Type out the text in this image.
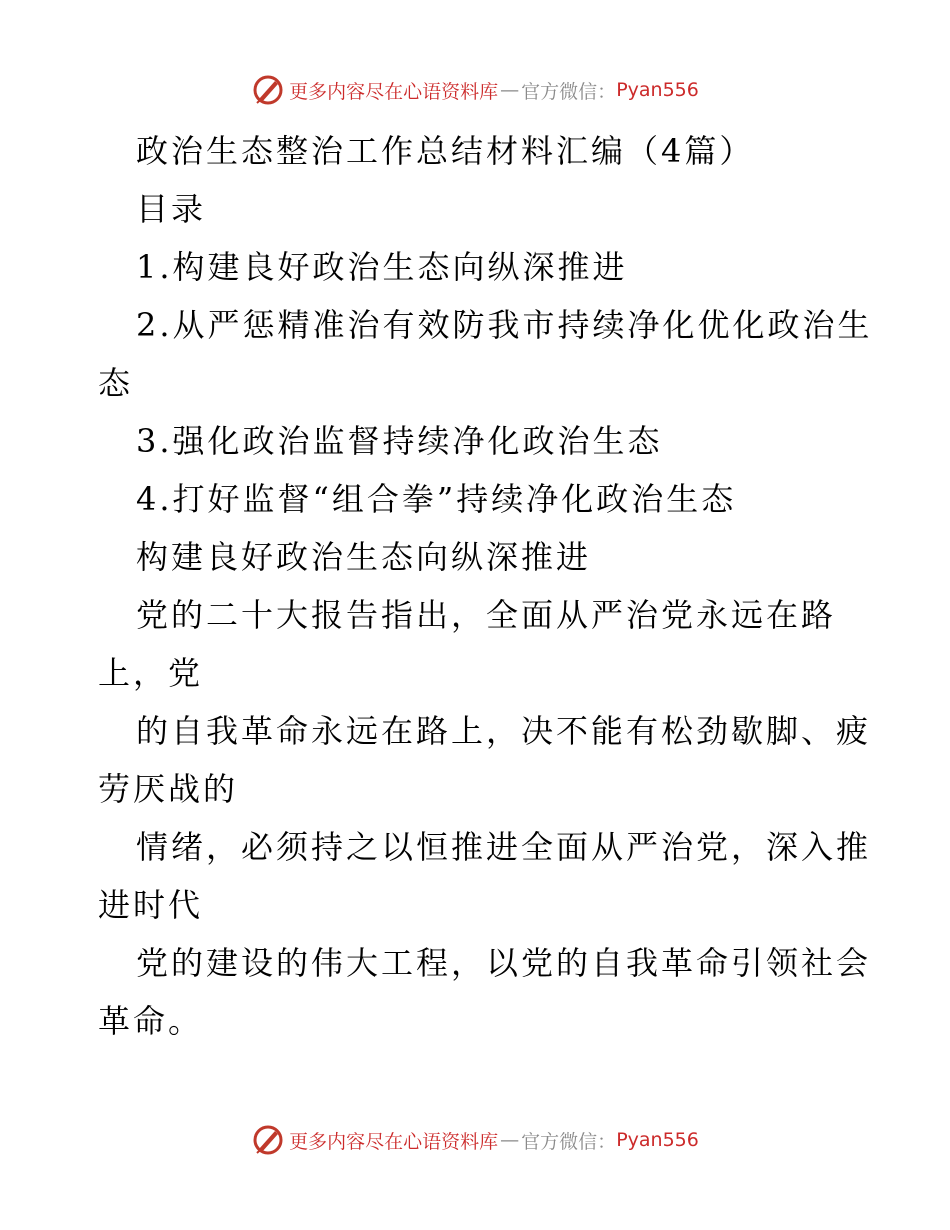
更多内容尽在心语资料库 — 官方微信： Pyan556
政治生态整治工作总结材料汇编（4篇）
目录
1.构建良好政治生态向纵深推进
2.从严惩精准治有效防我市持续净化优化政治生
态
3.强化政治监督持续净化政治生态
4.打好监督“组合拳”持续净化政治生态
构建良好政治生态向纵深推进
党的二十大报告指出，全面从严治党永远在路
上，党
的自我革命永远在路上，决不能有松劲歇脚、疲
劳厌战的
情绪，必须持之以恒推进全面从严治党，深入推
进时代
党的建设的伟大工程，以党的自我革命引领社会
革命。
更多内容尽在心语资料库 — 官方微信： Pyan556
